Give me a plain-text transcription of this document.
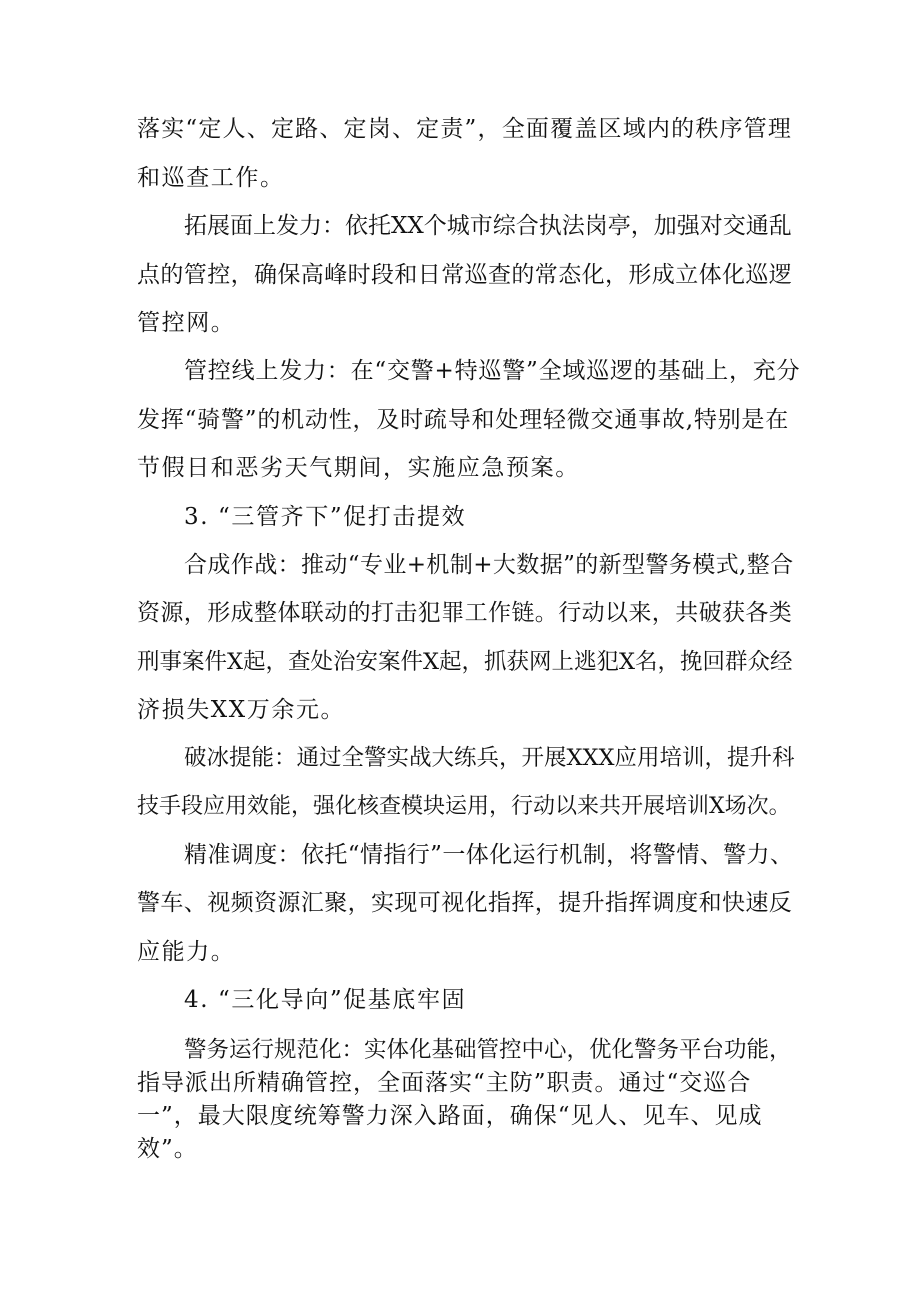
落实“定人、定路、定岗、定责”，全面覆盖区域内的秩序管理
和巡查工作。
拓展面上发力：依托XX个城市综合执法岗亭，加强对交通乱
点的管控，确保高峰时段和日常巡查的常态化，形成立体化巡逻
管控网。
管控线上发力：在“交警+特巡警”全域巡逻的基础上，充分
发挥“骑警”的机动性，及时疏导和处理轻微交通事故,特别是在
节假日和恶劣天气期间，实施应急预案。
3. “三管齐下”促打击提效
合成作战：推动“专业+机制+大数据”的新型警务模式,整合
资源，形成整体联动的打击犯罪工作链。行动以来，共破获各类
刑事案件X起，查处治安案件X起，抓获网上逃犯X名，挽回群众经
济损失XX万余元。
破冰提能：通过全警实战大练兵，开展XXX应用培训，提升科
技手段应用效能，强化核查模块运用，行动以来共开展培训X场次。
精准调度：依托“情指行”一体化运行机制，将警情、警力、
警车、视频资源汇聚，实现可视化指挥，提升指挥调度和快速反
应能力。
4. “三化导向”促基底牢固
警务运行规范化：实体化基础管控中心，优化警务平台功能，
指导派出所精确管控，全面落实“主防”职责。通过“交巡合
一”，最大限度统筹警力深入路面，确保“见人、见车、见成
效”。
